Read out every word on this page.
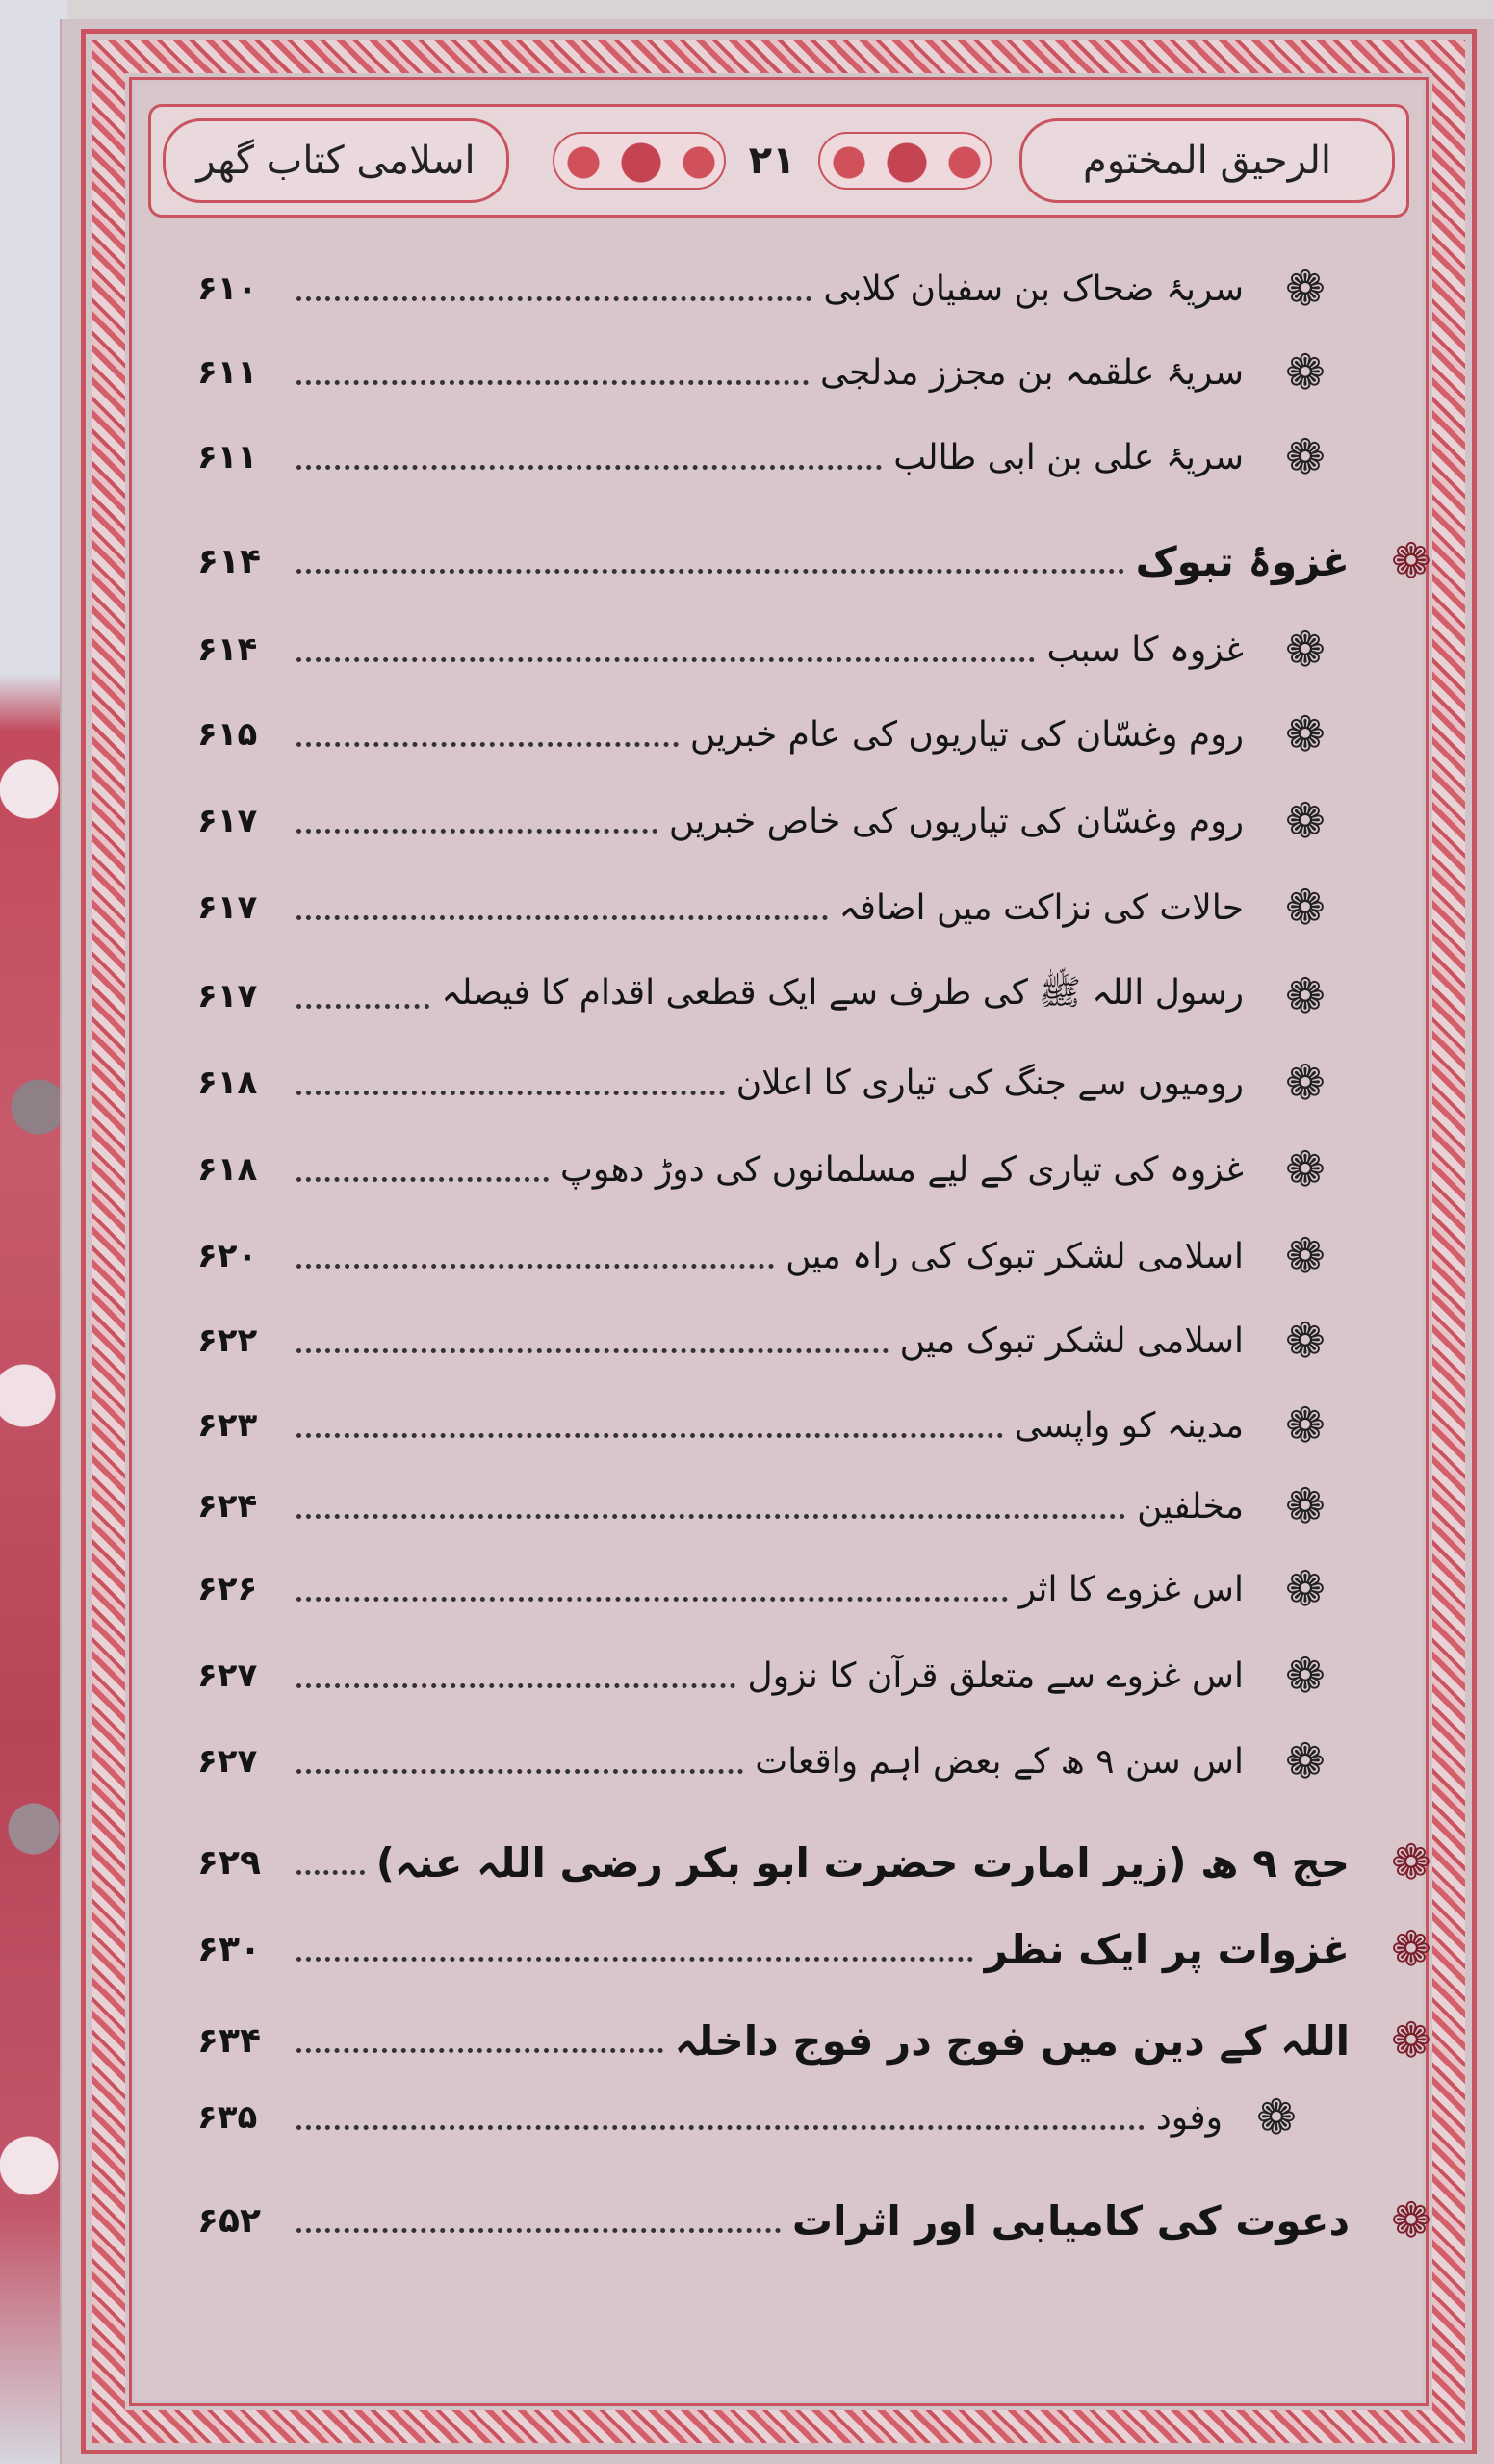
اسلامی کتاب گھر	۲۱	الرحیق المختوم
۶۱۰	سریۂ ضحاک بن سفیان کلابی ❁
۶۱۱	سریۂ علقمہ بن مجزز مدلجی ❁
۶۱۱	سریۂ علی بن ابی طالب ❁
۶۱۴	غزوۂ تبوک ❁
۶۱۴	غزوہ کا سبب ❁
۶۱۵	روم وغسّان کی تیاریوں کی عام خبریں ❁
۶۱۷	روم وغسّان کی تیاریوں کی خاص خبریں ❁
۶۱۷	حالات کی نزاکت میں اضافہ ❁
۶۱۷	رسول اللہ ﷺ کی طرف سے ایک قطعی اقدام کا فیصلہ ❁
۶۱۸	رومیوں سے جنگ کی تیاری کا اعلان ❁
۶۱۸	غزوہ کی تیاری کے لیے مسلمانوں کی دوڑ دھوپ ❁
۶۲۰	اسلامی لشکر تبوک کی راہ میں ❁
۶۲۲	اسلامی لشکر تبوک میں ❁
۶۲۳	مدینہ کو واپسی ❁
۶۲۴	مخلفین ❁
۶۲۶	اس غزوے کا اثر ❁
۶۲۷	اس غزوے سے متعلق قرآن کا نزول ❁
۶۲۷	اس سن ۹ ھ کے بعض اہم واقعات ❁
۶۲۹	حج ۹ ھ (زیر امارت حضرت ابو بکر رضی اللہ عنہ) ❁
۶۳۰	غزوات پر ایک نظر ❁
۶۳۴	اللہ کے دین میں فوج در فوج داخلہ ❁
۶۳۵	وفود ❁
۶۵۲	دعوت کی کامیابی اور اثرات ❁
